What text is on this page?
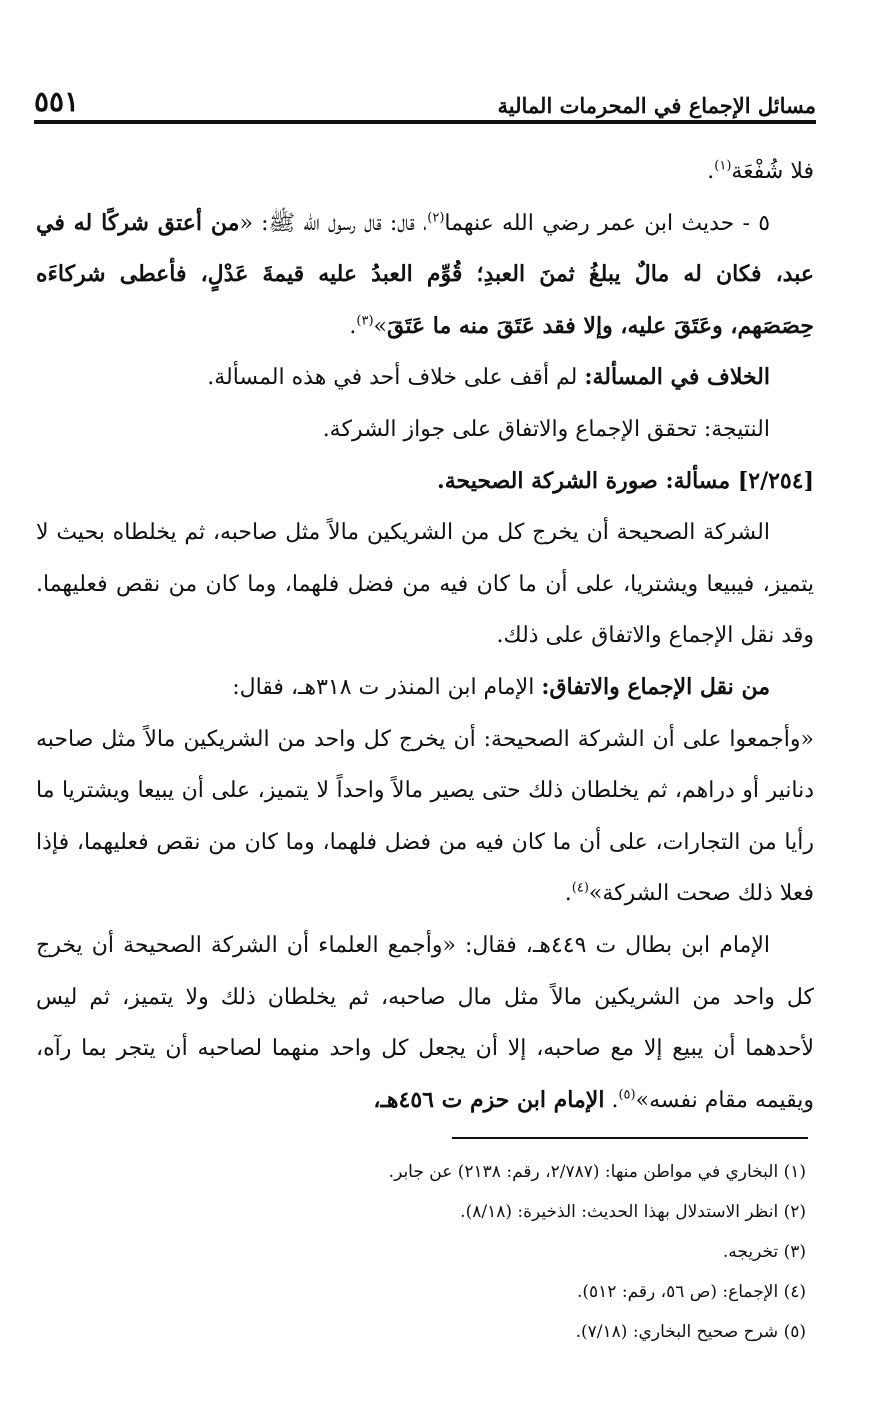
٥٥١	مسائل الإجماع في المحرمات المالية

فلا شُفْعَة$^{(١)}$.

٥ - حديث ابن عمر رضي الله عنهما$^{(٢)}$، قال: قال رسول الله ﷺ: «من أعتق شركًا له في عبد، فكان له مالٌ يبلغُ ثمنَ العبدِ؛ قُوِّم العبدُ عليه قيمةَ عَدْلٍ، فأعطى شركاءَه حِصَصَهم، وعَتَقَ عليه، وإلا فقد عَتَقَ منه ما عَتَقَ»$^{(٣)}$.

الخلاف في المسألة: لم أقف على خلاف أحد في هذه المسألة.

النتيجة: تحقق الإجماع والاتفاق على جواز الشركة.

[٢/٢٥٤] مسألة: صورة الشركة الصحيحة.

الشركة الصحيحة أن يخرج كل من الشريكين مالاً مثل صاحبه، ثم يخلطاه بحيث لا يتميز، فيبيعا ويشتريا، على أن ما كان فيه من فضل فلهما، وما كان من نقص فعليهما. وقد نقل الإجماع والاتفاق على ذلك.

من نقل الإجماع والاتفاق: الإمام ابن المنذر ت ٣١٨هـ، فقال:

«وأجمعوا على أن الشركة الصحيحة: أن يخرج كل واحد من الشريكين مالاً مثل صاحبه دنانير أو دراهم، ثم يخلطان ذلك حتى يصير مالاً واحداً لا يتميز، على أن يبيعا ويشتريا ما رأيا من التجارات، على أن ما كان فيه من فضل فلهما، وما كان من نقص فعليهما، فإذا فعلا ذلك صحت الشركة»$^{(٤)}$.

الإمام ابن بطال ت ٤٤٩هـ، فقال: «وأجمع العلماء أن الشركة الصحيحة أن يخرج كل واحد من الشريكين مالاً مثل مال صاحبه، ثم يخلطان ذلك ولا يتميز، ثم ليس لأحدهما أن يبيع إلا مع صاحبه، إلا أن يجعل كل واحد منهما لصاحبه أن يتجر بما رآه، ويقيمه مقام نفسه»$^{(٥)}$. الإمام ابن حزم ت ٤٥٦هـ،

(١) البخاري في مواطن منها: (٢/٧٨٧، رقم: ٢١٣٨) عن جابر.

(٢) انظر الاستدلال بهذا الحديث: الذخيرة: (٨/١٨).

(٣) تخريجه.

(٤) الإجماع: (ص ٥٦، رقم: ٥١٢).

(٥) شرح صحيح البخاري: (٧/١٨).
